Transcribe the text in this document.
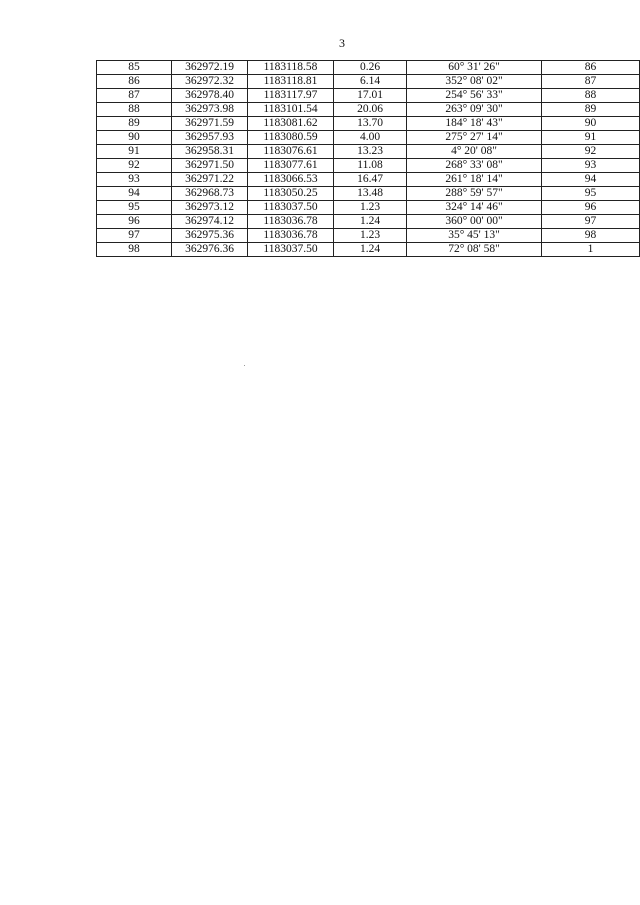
3
85	362972.19	1183118.58	0.26	60° 31' 26"	86
86	362972.32	1183118.81	6.14	352° 08' 02"	87
87	362978.40	1183117.97	17.01	254° 56' 33"	88
88	362973.98	1183101.54	20.06	263° 09' 30"	89
89	362971.59	1183081.62	13.70	184° 18' 43"	90
90	362957.93	1183080.59	4.00	275° 27' 14"	91
91	362958.31	1183076.61	13.23	4° 20' 08"	92
92	362971.50	1183077.61	11.08	268° 33' 08"	93
93	362971.22	1183066.53	16.47	261° 18' 14"	94
94	362968.73	1183050.25	13.48	288° 59' 57"	95
95	362973.12	1183037.50	1.23	324° 14' 46"	96
96	362974.12	1183036.78	1.24	360° 00' 00"	97
97	362975.36	1183036.78	1.23	35° 45' 13"	98
98	362976.36	1183037.50	1.24	72° 08' 58"	1
